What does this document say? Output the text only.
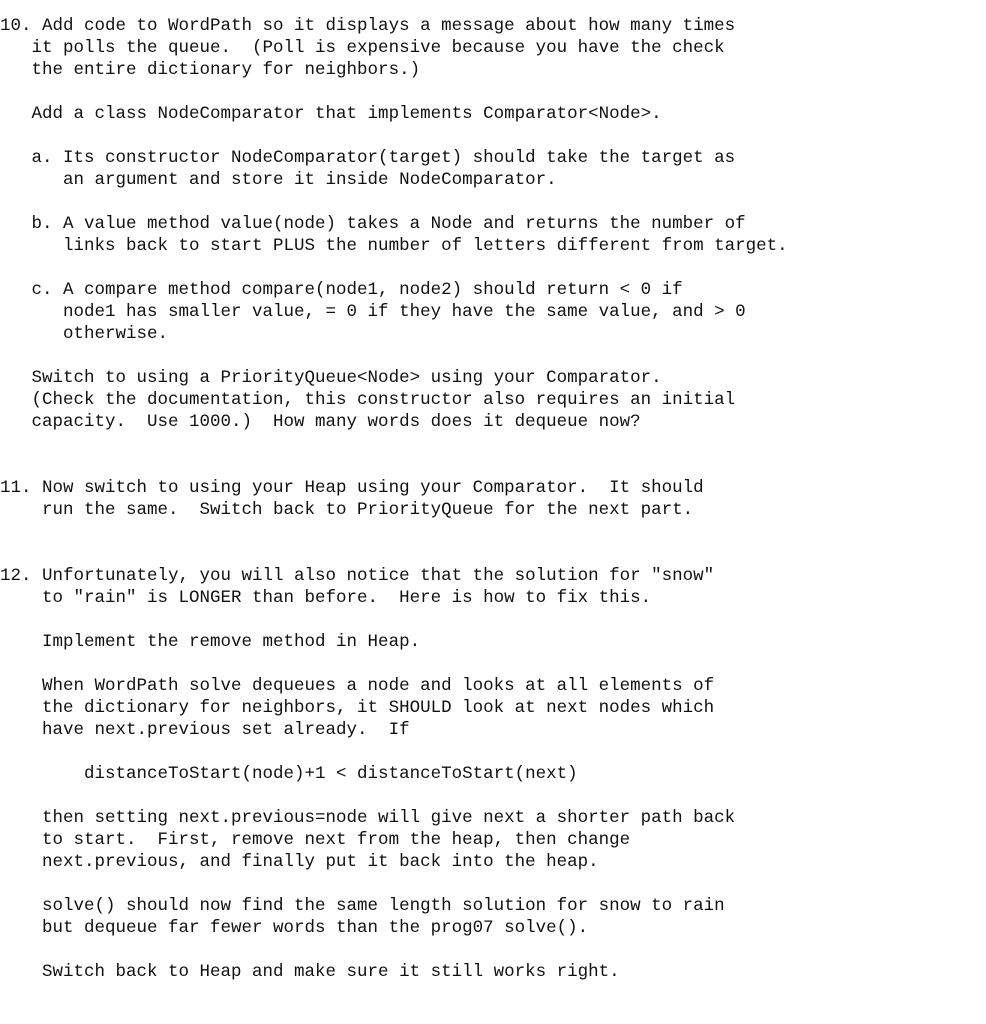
10. Add code to WordPath so it displays a message about how many times
it polls the queue.  (Poll is expensive because you have the check
the entire dictionary for neighbors.)
Add a class NodeComparator that implements Comparator<Node>.
a. Its constructor NodeComparator(target) should take the target as
an argument and store it inside NodeComparator.
b. A value method value(node) takes a Node and returns the number of
links back to start PLUS the number of letters different from target.
c. A compare method compare(node1, node2) should return < 0 if
node1 has smaller value, = 0 if they have the same value, and > 0
otherwise.
Switch to using a PriorityQueue<Node> using your Comparator.
(Check the documentation, this constructor also requires an initial
capacity.  Use 1000.)  How many words does it dequeue now?
11. Now switch to using your Heap using your Comparator.  It should
run the same.  Switch back to PriorityQueue for the next part.
12. Unfortunately, you will also notice that the solution for "snow"
to "rain" is LONGER than before.  Here is how to fix this.
Implement the remove method in Heap.
When WordPath solve dequeues a node and looks at all elements of
the dictionary for neighbors, it SHOULD look at next nodes which
have next.previous set already.  If
distanceToStart(node)+1 < distanceToStart(next)
then setting next.previous=node will give next a shorter path back
to start.  First, remove next from the heap, then change
next.previous, and finally put it back into the heap.
solve() should now find the same length solution for snow to rain
but dequeue far fewer words than the prog07 solve().
Switch back to Heap and make sure it still works right.
